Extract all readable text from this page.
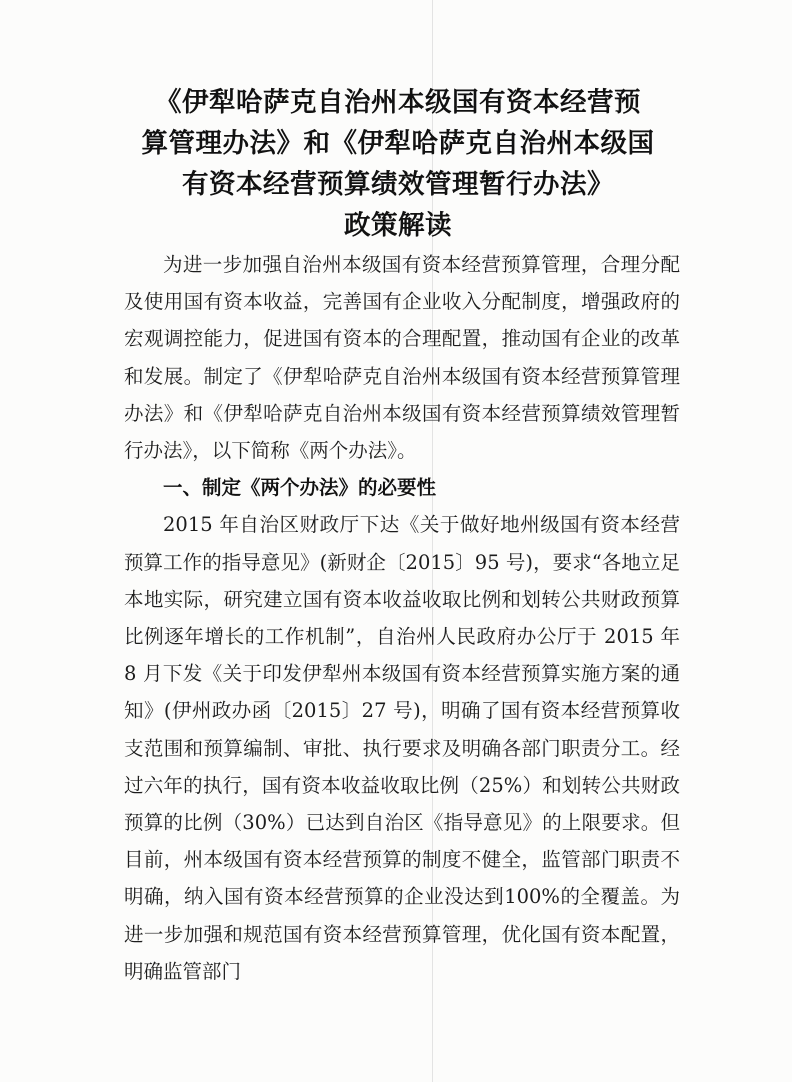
《伊犁哈萨克自治州本级国有资本经营预
算管理办法》和《伊犁哈萨克自治州本级国
有资本经营预算绩效管理暂行办法》
政策解读

为进一步加强自治州本级国有资本经营预算管理，合理分配及使用国有资本收益，完善国有企业收入分配制度，增强政府的宏观调控能力，促进国有资本的合理配置，推动国有企业的改革和发展。制定了《伊犁哈萨克自治州本级国有资本经营预算管理办法》和《伊犁哈萨克自治州本级国有资本经营预算绩效管理暂行办法》，以下简称《两个办法》。

一、制定《两个办法》的必要性

2015 年自治区财政厅下达《关于做好地州级国有资本经营预算工作的指导意见》(新财企〔2015〕95 号)，要求“各地立足本地实际，研究建立国有资本收益收取比例和划转公共财政预算比例逐年增长的工作机制”，自治州人民政府办公厅于 2015 年 8 月下发《关于印发伊犁州本级国有资本经营预算实施方案的通知》(伊州政办函〔2015〕27 号)，明确了国有资本经营预算收支范围和预算编制、审批、执行要求及明确各部门职责分工。经过六年的执行，国有资本收益收取比例（25%）和划转公共财政预算的比例（30%）已达到自治区《指导意见》的上限要求。但目前，州本级国有资本经营预算的制度不健全，监管部门职责不明确，纳入国有资本经营预算的企业没达到100%的全覆盖。为进一步加强和规范国有资本经营预算管理，优化国有资本配置，明确监管部门
